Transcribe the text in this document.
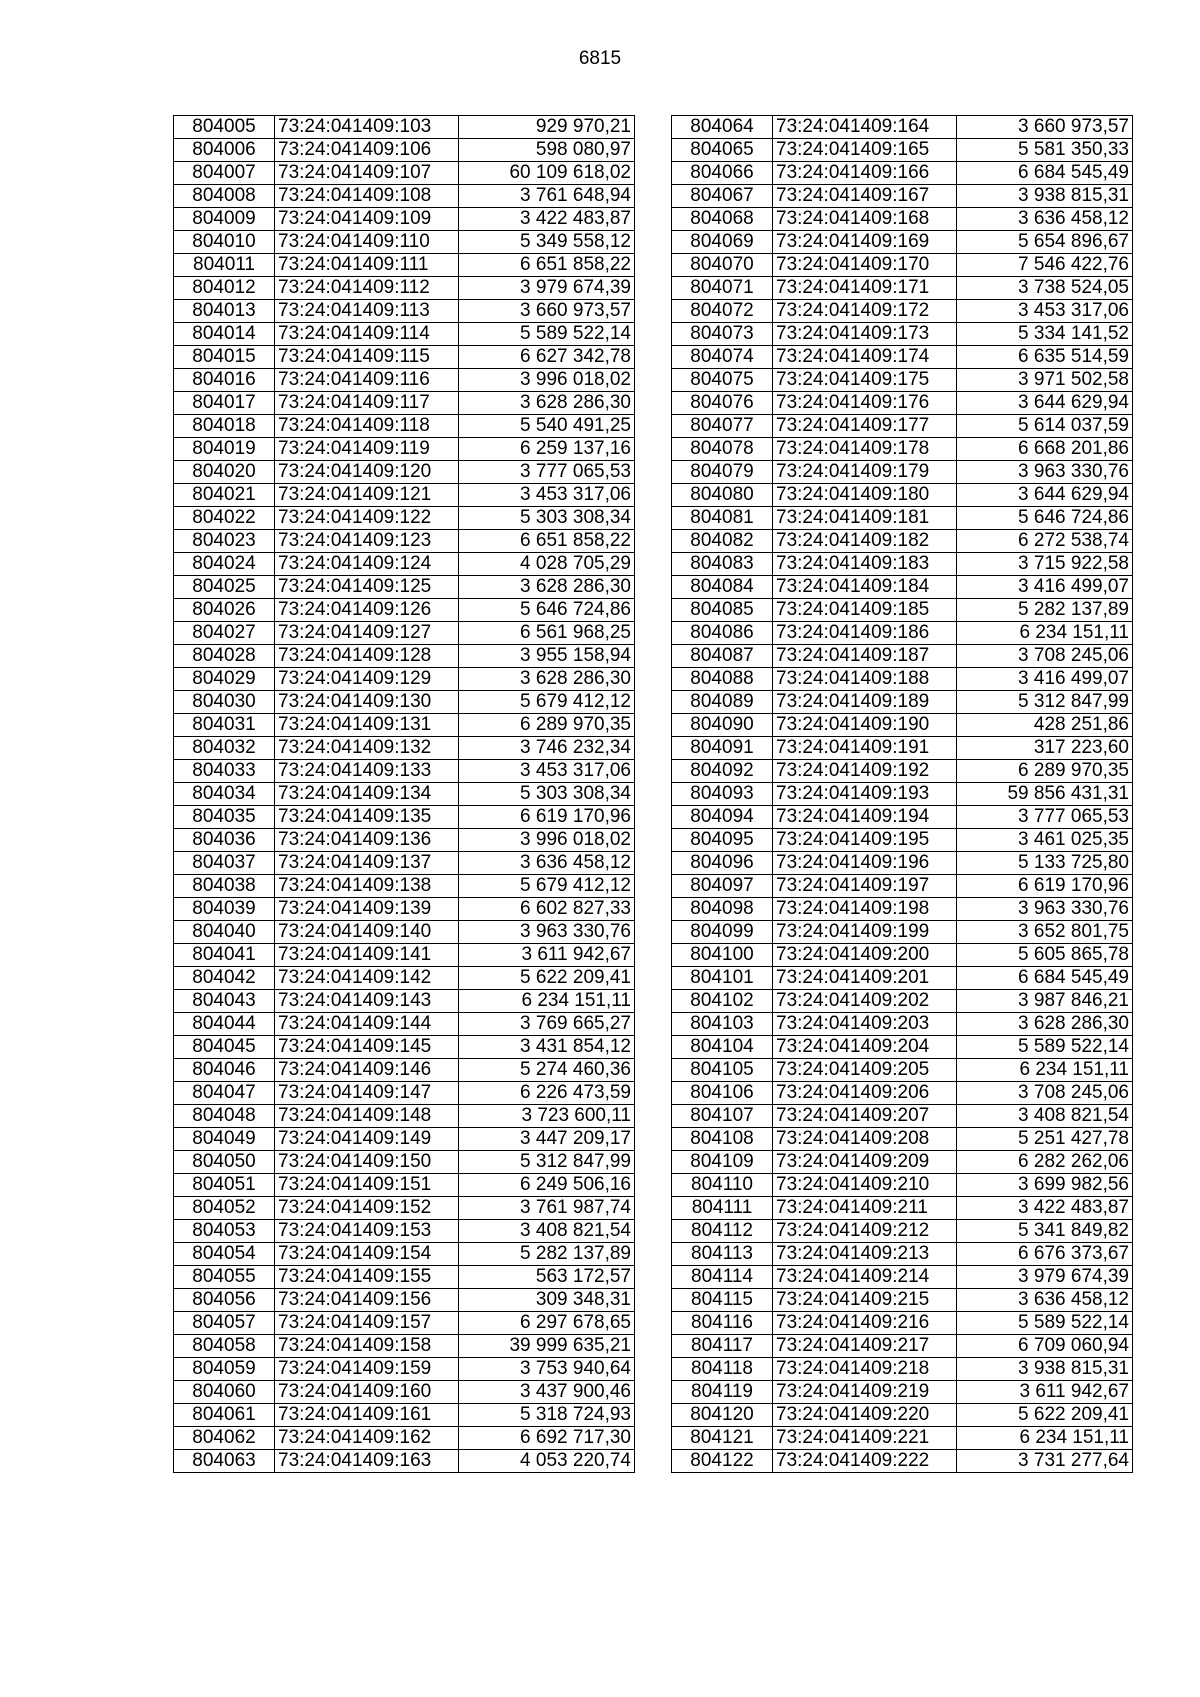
6815
804005	73:24:041409:103	929 970,21
804006	73:24:041409:106	598 080,97
804007	73:24:041409:107	60 109 618,02
804008	73:24:041409:108	3 761 648,94
804009	73:24:041409:109	3 422 483,87
804010	73:24:041409:110	5 349 558,12
804011	73:24:041409:111	6 651 858,22
804012	73:24:041409:112	3 979 674,39
804013	73:24:041409:113	3 660 973,57
804014	73:24:041409:114	5 589 522,14
804015	73:24:041409:115	6 627 342,78
804016	73:24:041409:116	3 996 018,02
804017	73:24:041409:117	3 628 286,30
804018	73:24:041409:118	5 540 491,25
804019	73:24:041409:119	6 259 137,16
804020	73:24:041409:120	3 777 065,53
804021	73:24:041409:121	3 453 317,06
804022	73:24:041409:122	5 303 308,34
804023	73:24:041409:123	6 651 858,22
804024	73:24:041409:124	4 028 705,29
804025	73:24:041409:125	3 628 286,30
804026	73:24:041409:126	5 646 724,86
804027	73:24:041409:127	6 561 968,25
804028	73:24:041409:128	3 955 158,94
804029	73:24:041409:129	3 628 286,30
804030	73:24:041409:130	5 679 412,12
804031	73:24:041409:131	6 289 970,35
804032	73:24:041409:132	3 746 232,34
804033	73:24:041409:133	3 453 317,06
804034	73:24:041409:134	5 303 308,34
804035	73:24:041409:135	6 619 170,96
804036	73:24:041409:136	3 996 018,02
804037	73:24:041409:137	3 636 458,12
804038	73:24:041409:138	5 679 412,12
804039	73:24:041409:139	6 602 827,33
804040	73:24:041409:140	3 963 330,76
804041	73:24:041409:141	3 611 942,67
804042	73:24:041409:142	5 622 209,41
804043	73:24:041409:143	6 234 151,11
804044	73:24:041409:144	3 769 665,27
804045	73:24:041409:145	3 431 854,12
804046	73:24:041409:146	5 274 460,36
804047	73:24:041409:147	6 226 473,59
804048	73:24:041409:148	3 723 600,11
804049	73:24:041409:149	3 447 209,17
804050	73:24:041409:150	5 312 847,99
804051	73:24:041409:151	6 249 506,16
804052	73:24:041409:152	3 761 987,74
804053	73:24:041409:153	3 408 821,54
804054	73:24:041409:154	5 282 137,89
804055	73:24:041409:155	563 172,57
804056	73:24:041409:156	309 348,31
804057	73:24:041409:157	6 297 678,65
804058	73:24:041409:158	39 999 635,21
804059	73:24:041409:159	3 753 940,64
804060	73:24:041409:160	3 437 900,46
804061	73:24:041409:161	5 318 724,93
804062	73:24:041409:162	6 692 717,30
804063	73:24:041409:163	4 053 220,74
804064	73:24:041409:164	3 660 973,57
804065	73:24:041409:165	5 581 350,33
804066	73:24:041409:166	6 684 545,49
804067	73:24:041409:167	3 938 815,31
804068	73:24:041409:168	3 636 458,12
804069	73:24:041409:169	5 654 896,67
804070	73:24:041409:170	7 546 422,76
804071	73:24:041409:171	3 738 524,05
804072	73:24:041409:172	3 453 317,06
804073	73:24:041409:173	5 334 141,52
804074	73:24:041409:174	6 635 514,59
804075	73:24:041409:175	3 971 502,58
804076	73:24:041409:176	3 644 629,94
804077	73:24:041409:177	5 614 037,59
804078	73:24:041409:178	6 668 201,86
804079	73:24:041409:179	3 963 330,76
804080	73:24:041409:180	3 644 629,94
804081	73:24:041409:181	5 646 724,86
804082	73:24:041409:182	6 272 538,74
804083	73:24:041409:183	3 715 922,58
804084	73:24:041409:184	3 416 499,07
804085	73:24:041409:185	5 282 137,89
804086	73:24:041409:186	6 234 151,11
804087	73:24:041409:187	3 708 245,06
804088	73:24:041409:188	3 416 499,07
804089	73:24:041409:189	5 312 847,99
804090	73:24:041409:190	428 251,86
804091	73:24:041409:191	317 223,60
804092	73:24:041409:192	6 289 970,35
804093	73:24:041409:193	59 856 431,31
804094	73:24:041409:194	3 777 065,53
804095	73:24:041409:195	3 461 025,35
804096	73:24:041409:196	5 133 725,80
804097	73:24:041409:197	6 619 170,96
804098	73:24:041409:198	3 963 330,76
804099	73:24:041409:199	3 652 801,75
804100	73:24:041409:200	5 605 865,78
804101	73:24:041409:201	6 684 545,49
804102	73:24:041409:202	3 987 846,21
804103	73:24:041409:203	3 628 286,30
804104	73:24:041409:204	5 589 522,14
804105	73:24:041409:205	6 234 151,11
804106	73:24:041409:206	3 708 245,06
804107	73:24:041409:207	3 408 821,54
804108	73:24:041409:208	5 251 427,78
804109	73:24:041409:209	6 282 262,06
804110	73:24:041409:210	3 699 982,56
804111	73:24:041409:211	3 422 483,87
804112	73:24:041409:212	5 341 849,82
804113	73:24:041409:213	6 676 373,67
804114	73:24:041409:214	3 979 674,39
804115	73:24:041409:215	3 636 458,12
804116	73:24:041409:216	5 589 522,14
804117	73:24:041409:217	6 709 060,94
804118	73:24:041409:218	3 938 815,31
804119	73:24:041409:219	3 611 942,67
804120	73:24:041409:220	5 622 209,41
804121	73:24:041409:221	6 234 151,11
804122	73:24:041409:222	3 731 277,64
